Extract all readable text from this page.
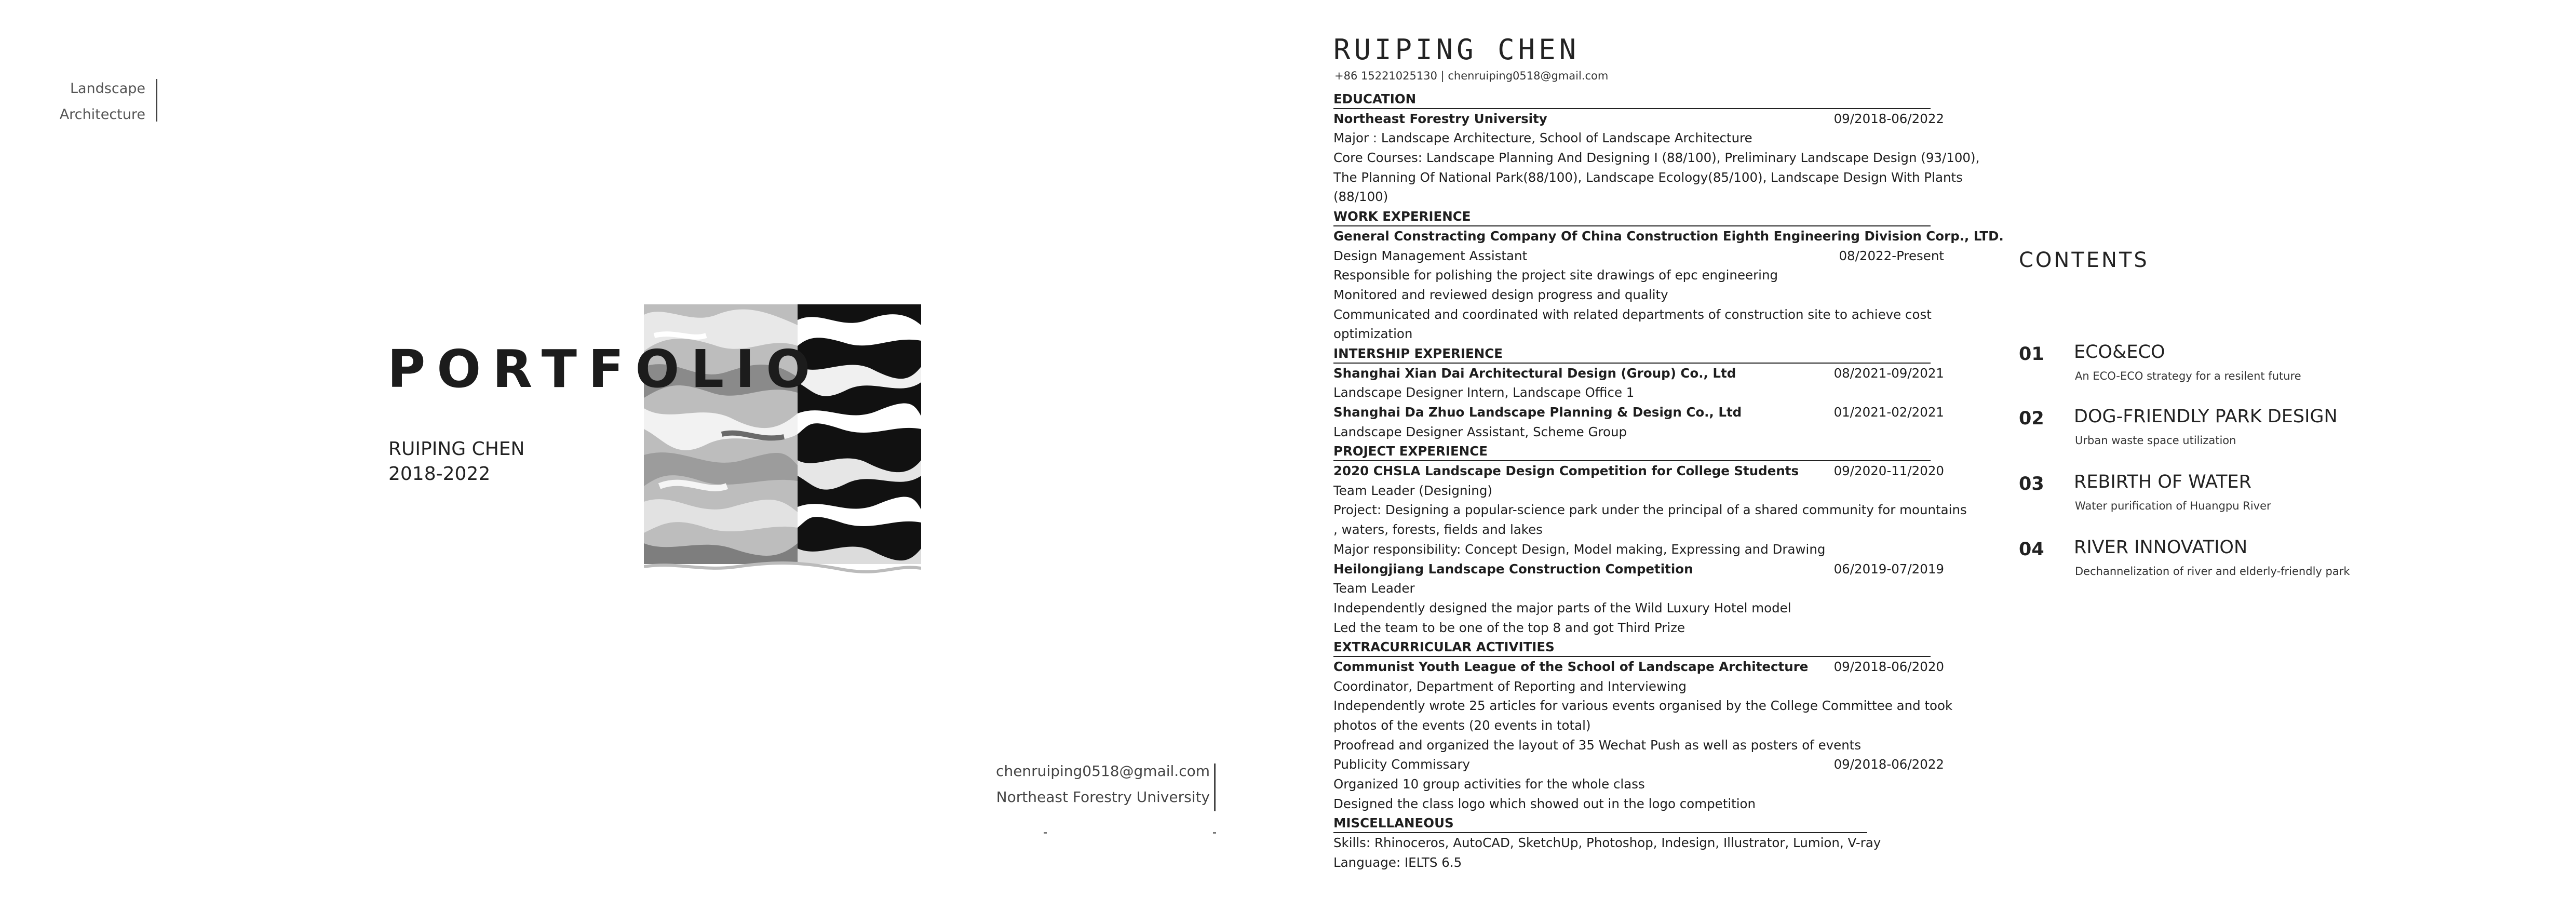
Landscape
Architecture
PORTFOLIO
RUIPING CHEN
2018-2022
chenruiping0518@gmail.com
Northeast Forestry University
RUIPING CHEN
+86 15221025130 | chenruiping0518@gmail.com
EDUCATION
Northeast Forestry University	09/2018-06/2022
Major : Landscape Architecture, School of Landscape Architecture
Core Courses: Landscape Planning And Designing I (88/100), Preliminary Landscape Design (93/100),
The Planning Of National Park(88/100), Landscape Ecology(85/100), Landscape Design With Plants
(88/100)
WORK EXPERIENCE
General Constracting Company Of China Construction Eighth Engineering Division Corp., LTD.
Design Management Assistant	08/2022-Present
Responsible for polishing the project site drawings of epc engineering
Monitored and reviewed design progress and quality
Communicated and coordinated with related departments of construction site to achieve cost
optimization
INTERSHIP EXPERIENCE
Shanghai Xian Dai Architectural Design (Group) Co., Ltd	08/2021-09/2021
Landscape Designer Intern, Landscape Office 1
Shanghai Da Zhuo Landscape Planning & Design Co., Ltd	01/2021-02/2021
Landscape Designer Assistant, Scheme Group
PROJECT EXPERIENCE
2020 CHSLA Landscape Design Competition for College Students	09/2020-11/2020
Team Leader (Designing)
Project: Designing a popular-science park under the principal of a shared community for mountains
, waters, forests, fields and lakes
Major responsibility: Concept Design, Model making, Expressing and Drawing
Heilongjiang Landscape Construction Competition	06/2019-07/2019
Team Leader
Independently designed the major parts of the Wild Luxury Hotel model
Led the team to be one of the top 8 and got Third Prize
EXTRACURRICULAR ACTIVITIES
Communist Youth League of the School of Landscape Architecture 09/2018-06/2020
Coordinator, Department of Reporting and Interviewing
Independently wrote 25 articles for various events organised by the College Committee and took
photos of the events (20 events in total)
Proofread and organized the layout of 35 Wechat Push as well as posters of events
Publicity Commissary	09/2018-06/2022
Organized 10 group activities for the whole class
Designed the class logo which showed out in the logo competition
MISCELLANEOUS
Skills: Rhinoceros, AutoCAD, SketchUp, Photoshop, Indesign, Illustrator, Lumion, V-ray
Language: IELTS 6.5
CONTENTS
01 ECO&ECO
An ECO-ECO strategy for a resilent future
02 DOG-FRIENDLY PARK DESIGN
Urban waste space utilization
03 REBIRTH OF WATER
Water purification of Huangpu River
04 RIVER INNOVATION
Dechannelization of river and elderly-friendly park
